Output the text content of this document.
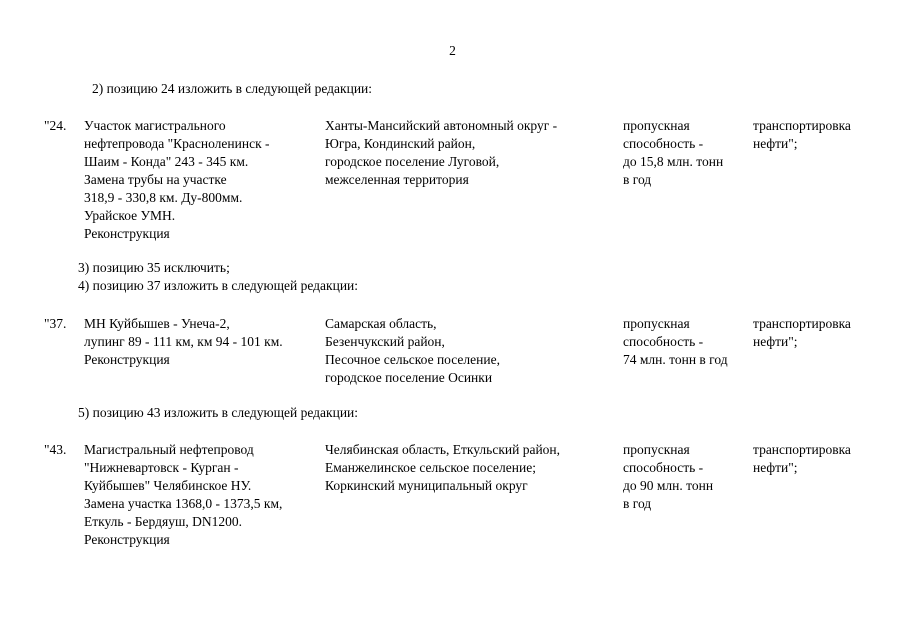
2
2) позицию 24 изложить в следующей редакции:
"24. Участок магистрального
нефтепровода "Красноленинск -
Шаим - Конда" 243 - 345 км.
Замена трубы на участке
318,9 - 330,8 км. Ду-800мм.
Урайское УМН.
Реконструкция
Ханты-Мансийский автономный округ -
Югра, Кондинский район,
городское поселение Луговой,
межселенная территория
пропускная
способность -
до 15,8 млн. тонн
в год
транспортировка
нефти";
3) позицию 35 исключить;
4) позицию 37 изложить в следующей редакции:
"37. МН Куйбышев - Унеча-2,
лупинг 89 - 111 км, км 94 - 101 км.
Реконструкция
Самарская область,
Безенчукский район,
Песочное сельское поселение,
городское поселение Осинки
пропускная
способность -
74 млн. тонн в год
транспортировка
нефти";
5) позицию 43 изложить в следующей редакции:
"43. Магистральный нефтепровод
"Нижневартовск - Курган -
Куйбышев" Челябинское НУ.
Замена участка 1368,0 - 1373,5 км,
Еткуль - Бердяуш, DN1200.
Реконструкция
Челябинская область, Еткульский район,
Еманжелинское сельское поселение;
Коркинский муниципальный округ
пропускная
способность -
до 90 млн. тонн
в год
транспортировка
нефти";
